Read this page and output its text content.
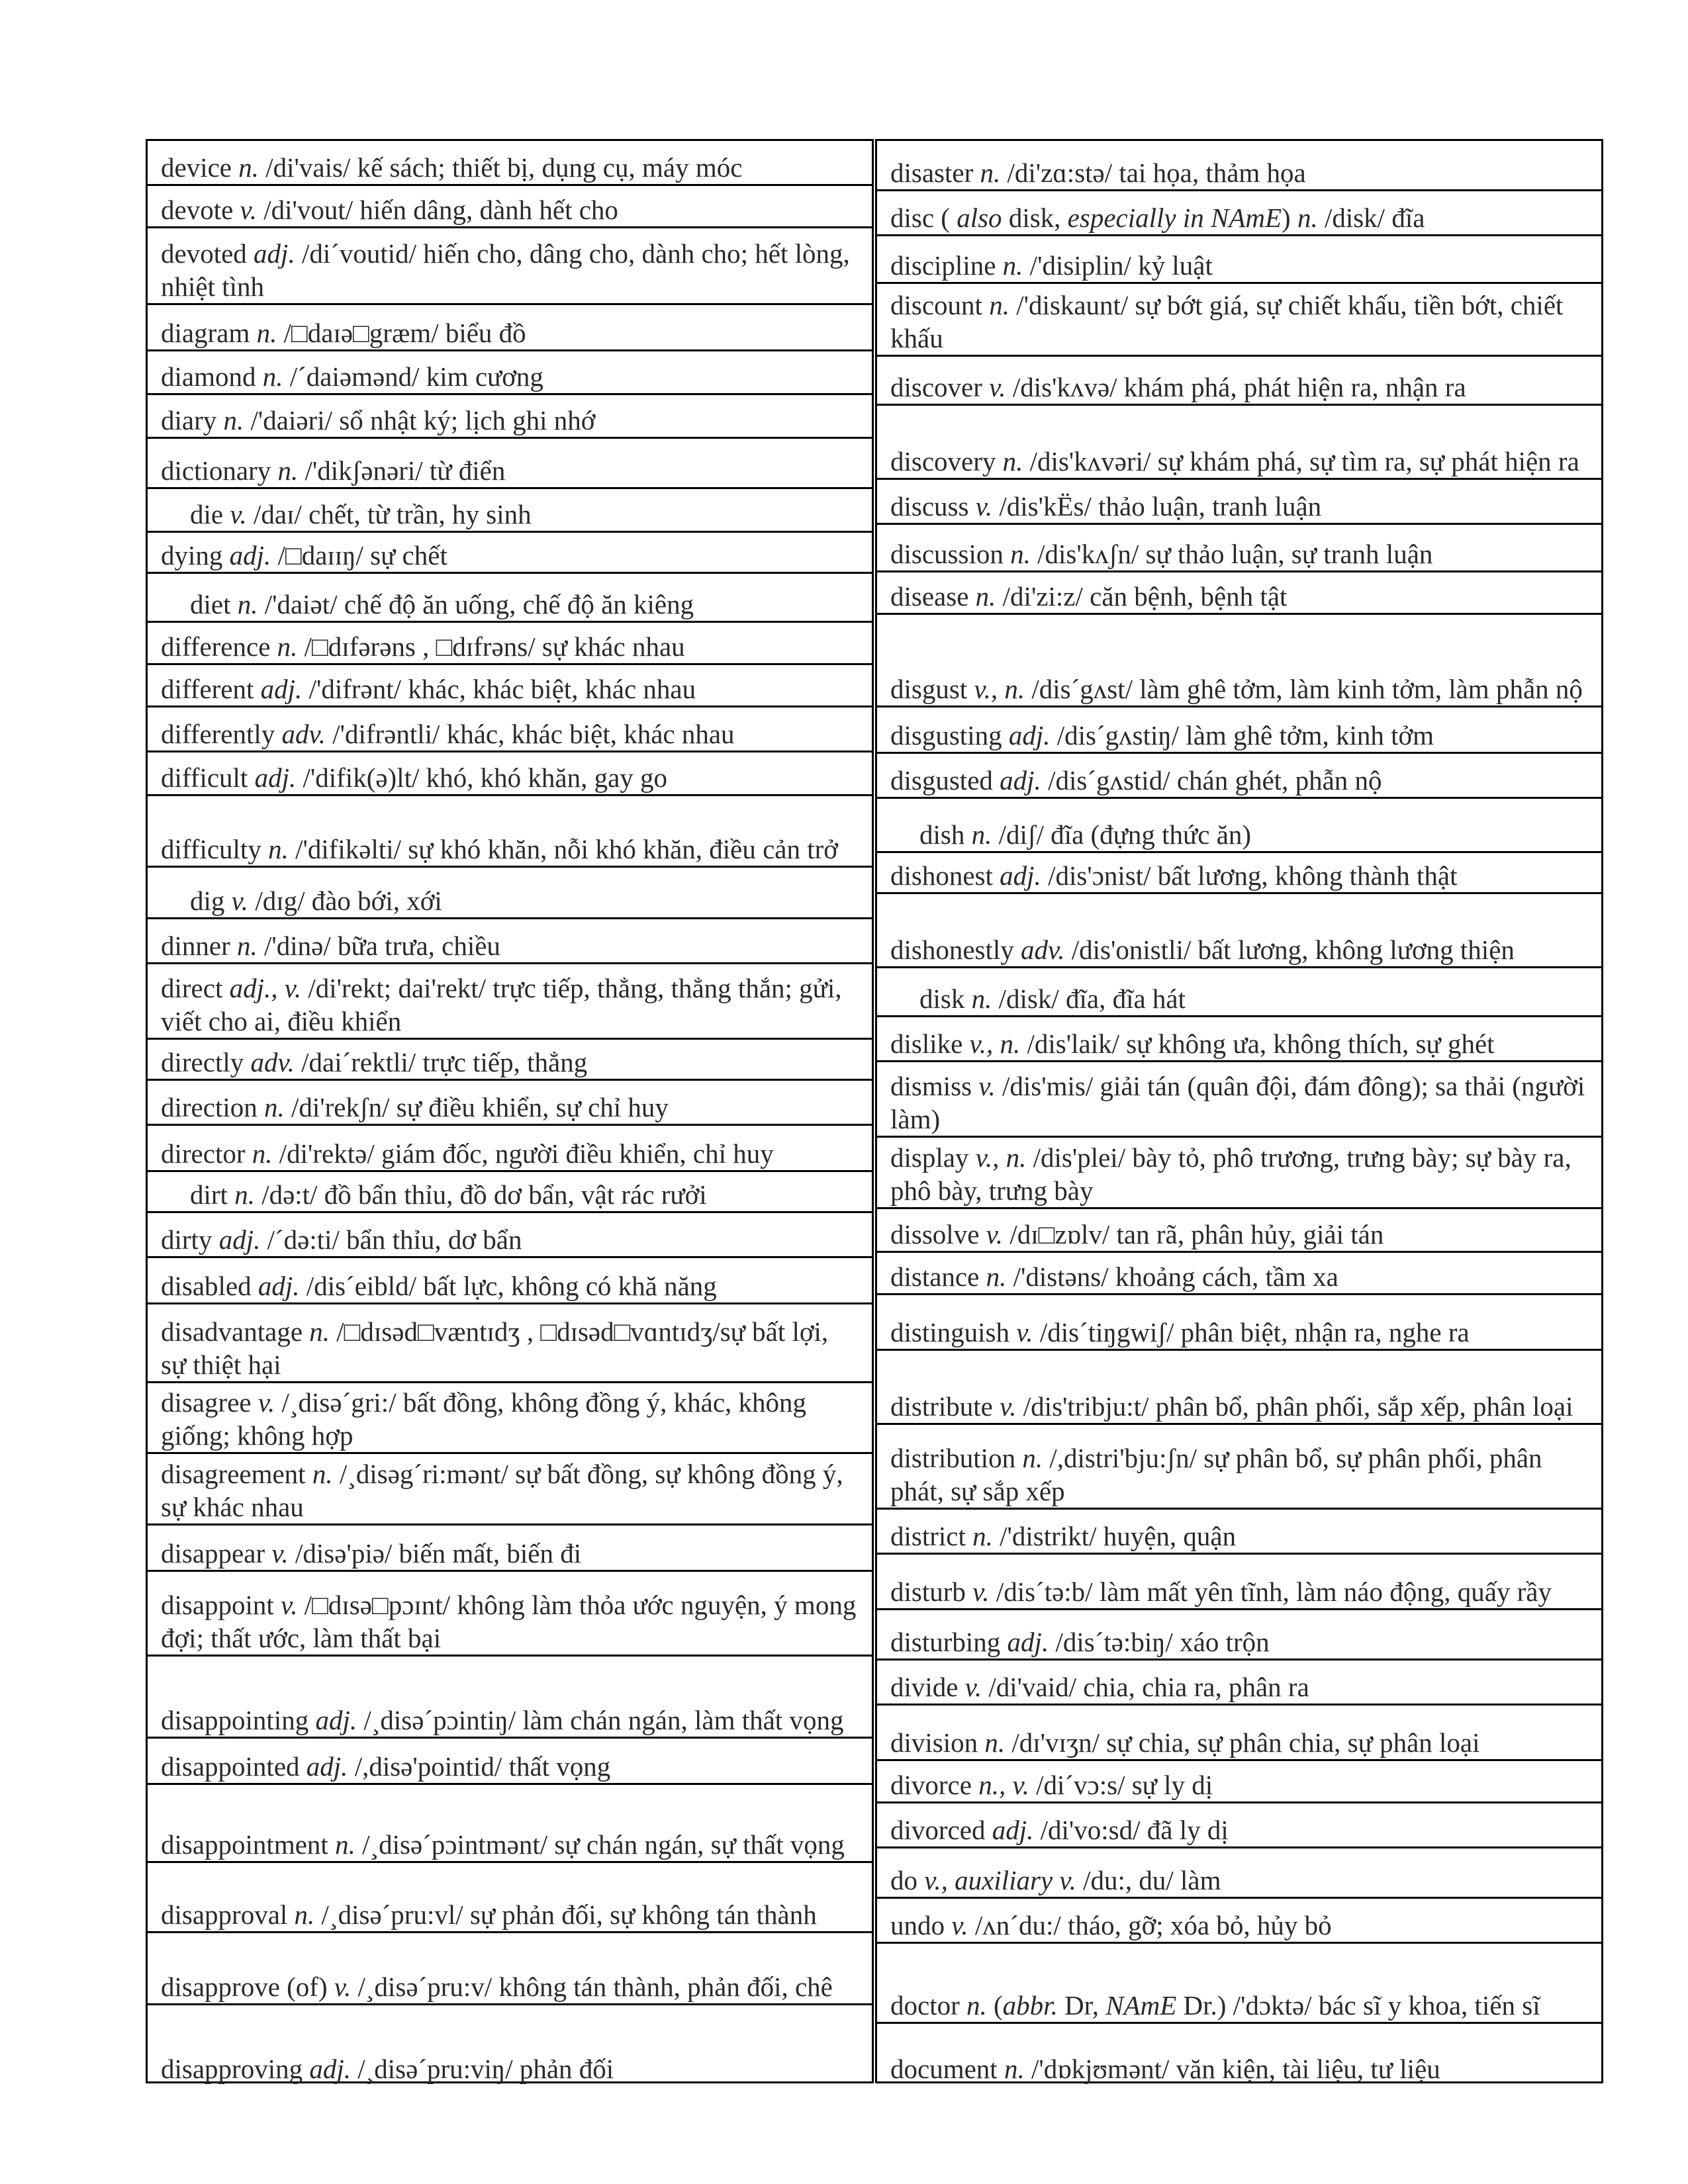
device n. /di'vais/ kế sách; thiết bị, dụng cụ, máy móc
devote v. /di'vout/ hiến dâng, dành hết cho
devoted adj. /di´voutid/ hiến cho, dâng cho, dành cho; hết lòng, nhiệt tình
diagram n. /□daɪə□græm/ biểu đồ
diamond n. /´daiəmənd/ kim cương
diary n. /'daiəri/ sổ nhật ký; lịch ghi nhớ
dictionary n. /'dikʃənəri/ từ điển
die v. /daɪ/ chết, từ trần, hy sinh
dying adj. /□daɪɪŋ/ sự chết
diet n. /'daiət/ chế độ ăn uống, chế độ ăn kiêng
difference n. /□dɪfərəns , □dɪfrəns/ sự khác nhau
different adj. /'difrənt/ khác, khác biệt, khác nhau
differently adv. /'difrəntli/ khác, khác biệt, khác nhau
difficult adj. /'difik(ə)lt/ khó, khó khăn, gay go
difficulty n. /'difikəlti/ sự khó khăn, nỗi khó khăn, điều cản trở
dig v. /dɪg/ đào bới, xới
dinner n. /'dinə/ bữa trưa, chiều
direct adj., v. /di'rekt; dai'rekt/ trực tiếp, thẳng, thẳng thắn; gửi, viết cho ai, điều khiển
directly adv. /dai´rektli/ trực tiếp, thẳng
direction n. /di'rekʃn/ sự điều khiển, sự chỉ huy
director n. /di'rektə/ giám đốc, người điều khiển, chỉ huy
dirt n. /də:t/ đồ bẩn thỉu, đồ dơ bẩn, vật rác rưởi
dirty adj. /´də:ti/ bẩn thỉu, dơ bẩn
disabled adj. /dis´eibld/ bất lực, không có khă năng
disadvantage n. /□dɪsəd□væntɪdʒ , □dɪsəd□vɑntɪdʒ/sự bất lợi, sự thiệt hại
disagree v. /¸disə´gri:/ bất đồng, không đồng ý, khác, không giống; không hợp
disagreement n. /¸disəg´ri:mənt/ sự bất đồng, sự không đồng ý, sự khác nhau
disappear v. /disə'piə/ biến mất, biến đi
disappoint v. /□dɪsə□pɔɪnt/ không làm thỏa ước nguyện, ý mong đợi; thất ước, làm thất bại
disappointing adj. /¸disə´pɔintiŋ/ làm chán ngán, làm thất vọng
disappointed adj. /,disə'pointid/ thất vọng
disappointment n. /¸disə´pɔintmənt/ sự chán ngán, sự thất vọng
disapproval n. /¸disə´pru:vl/ sự phản đối, sự không tán thành
disapprove (of) v. /¸disə´pru:v/ không tán thành, phản đối, chê
disapproving adj. /¸disə´pru:viŋ/ phản đối
disaster n. /di'zɑ:stə/ tai họa, thảm họa
disc ( also disk, especially in NAmE) n. /disk/ đĩa
discipline n. /'disiplin/ kỷ luật
discount n. /'diskaunt/ sự bớt giá, sự chiết khấu, tiền bớt, chiết khấu
discover v. /dis'kʌvə/ khám phá, phát hiện ra, nhận ra
discovery n. /dis'kʌvəri/ sự khám phá, sự tìm ra, sự phát hiện ra
discuss v. /dis'kËs/ thảo luận, tranh luận
discussion n. /dis'kʌʃn/ sự thảo luận, sự tranh luận
disease n. /di'zi:z/ căn bệnh, bệnh tật
disgust v., n. /dis´gʌst/ làm ghê tởm, làm kinh tởm, làm phẫn nộ
disgusting adj. /dis´gʌstiŋ/ làm ghê tởm, kinh tởm
disgusted adj. /dis´gʌstid/ chán ghét, phẫn nộ
dish n. /diʃ/ đĩa (đựng thức ăn)
dishonest adj. /dis'ɔnist/ bất lương, không thành thật
dishonestly adv. /dis'onistli/ bất lương, không lương thiện
disk n. /disk/ đĩa, đĩa hát
dislike v., n. /dis'laik/ sự không ưa, không thích, sự ghét
dismiss v. /dis'mis/ giải tán (quân đội, đám đông); sa thải (người làm)
display v., n. /dis'plei/ bày tỏ, phô trương, trưng bày; sự bày ra, phô bày, trưng bày
dissolve v. /dɪ□zɒlv/ tan rã, phân hủy, giải tán
distance n. /'distəns/ khoảng cách, tầm xa
distinguish v. /dis´tiŋgwiʃ/ phân biệt, nhận ra, nghe ra
distribute v. /dis'tribju:t/ phân bổ, phân phối, sắp xếp, phân loại
distribution n. /,distri'bju:ʃn/ sự phân bổ, sự phân phối, phân phát, sự sắp xếp
district n. /'distrikt/ huyện, quận
disturb v. /dis´tə:b/ làm mất yên tĩnh, làm náo động, quấy rầy
disturbing adj. /dis´tə:biŋ/ xáo trộn
divide v. /di'vaid/ chia, chia ra, phân ra
division n. /dɪ'vɪʒn/ sự chia, sự phân chia, sự phân loại
divorce n., v. /di´vɔ:s/ sự ly dị
divorced adj. /di'vo:sd/ đã ly dị
do v., auxiliary v. /du:, du/ làm
undo v. /ʌn´du:/ tháo, gỡ; xóa bỏ, hủy bỏ
doctor n. (abbr. Dr, NAmE Dr.) /'dɔktə/ bác sĩ y khoa, tiến sĩ
document n. /'dɒkjʊmənt/ văn kiện, tài liệu, tư liệu
